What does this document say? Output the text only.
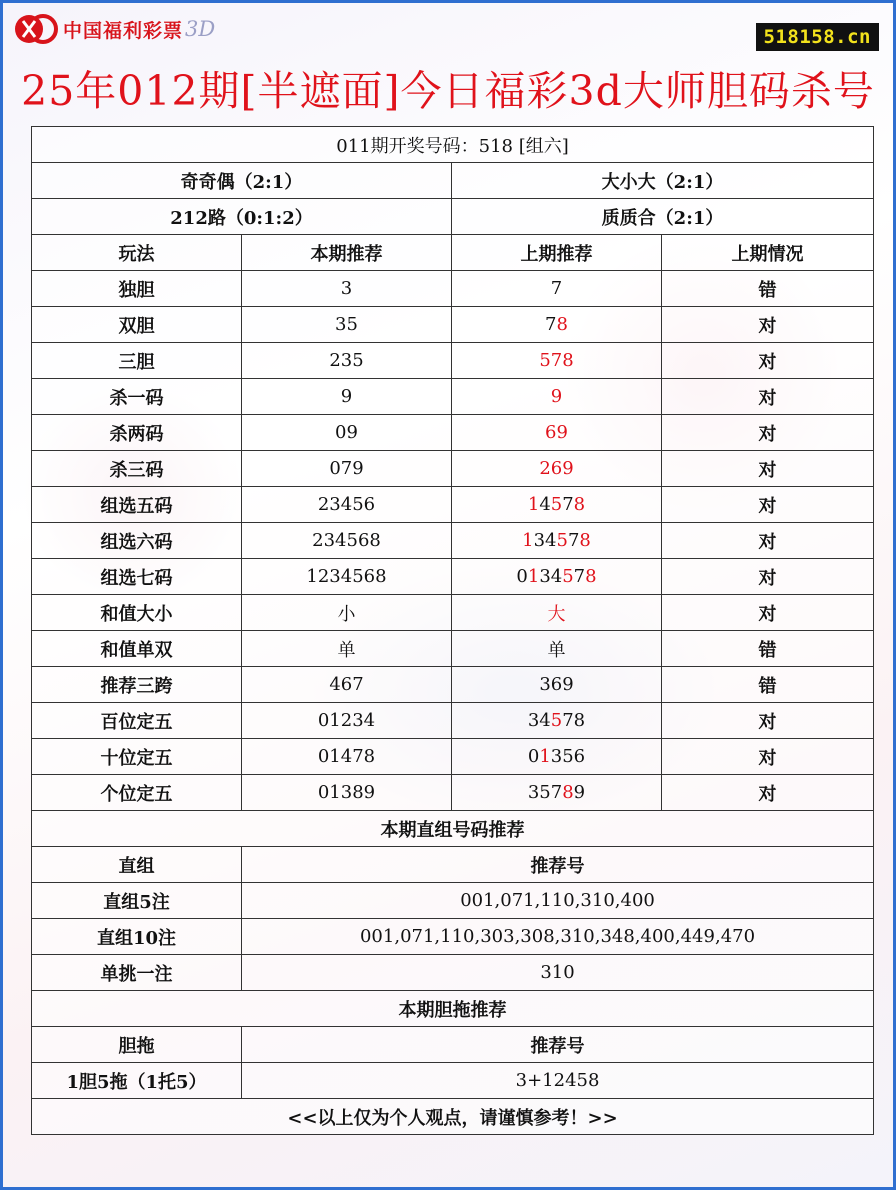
中国福利彩票 3D	518158.cn
25年012期[半遮面]今日福彩3d大师胆码杀号
011期开奖号码：518 [组六]			
奇奇偶（2:1）		大小大（2:1）	
212路（0:1:2）		质质合（2:1）	
玩法	本期推荐	上期推荐	上期情况
独胆	3	7	错
双胆	35	78	对
三胆	235	578	对
杀一码	9	9	对
杀两码	09	69	对
杀三码	079	269	对
组选五码	23456	14578	对
组选六码	234568	134578	对
组选七码	1234568	0134578	对
和值大小	小	大	对
和值单双	单	单	错
推荐三跨	467	369	错
百位定五	01234	34578	对
十位定五	01478	01356	对
个位定五	01389	35789	对
本期直组号码推荐			
直组	推荐号		
直组5注	001,071,110,310,400		
直组10注	001,071,110,303,308,310,348,400,449,470		
单挑一注	310		
本期胆拖推荐			
胆拖	推荐号		
1胆5拖（1托5）	3+12458		
<<以上仅为个人观点，请谨慎参考！>>			
